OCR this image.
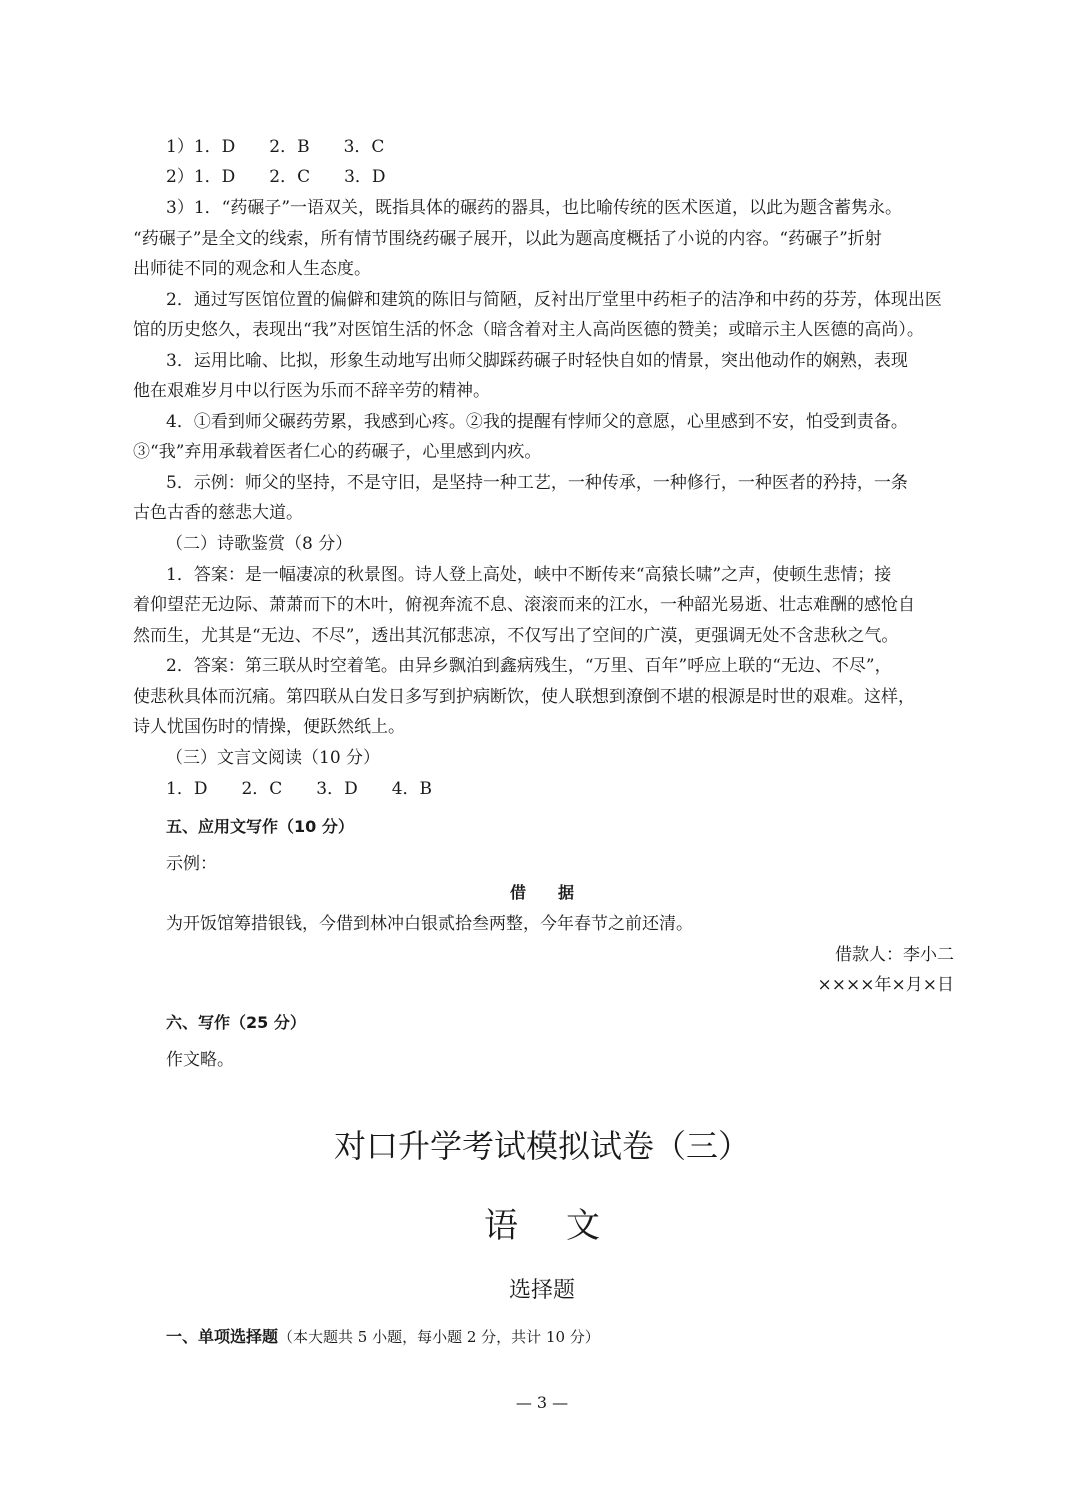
1）1．D　　2．B　　3．C
2）1．D　　2．C　　3．D
3）1．“药碾子”一语双关，既指具体的碾药的器具，也比喻传统的医术医道，以此为题含蓄隽永。
“药碾子”是全文的线索，所有情节围绕药碾子展开，以此为题高度概括了小说的内容。“药碾子”折射
出师徒不同的观念和人生态度。
2．通过写医馆位置的偏僻和建筑的陈旧与简陋，反衬出厅堂里中药柜子的洁净和中药的芬芳，体现出医
馆的历史悠久，表现出“我”对医馆生活的怀念（暗含着对主人高尚医德的赞美；或暗示主人医德的高尚）。
3．运用比喻、比拟，形象生动地写出师父脚踩药碾子时轻快自如的情景，突出他动作的娴熟，表现
他在艰难岁月中以行医为乐而不辞辛劳的精神。
4．①看到师父碾药劳累，我感到心疼。②我的提醒有悖师父的意愿，心里感到不安，怕受到责备。
③“我”弃用承载着医者仁心的药碾子，心里感到内疚。
5．示例：师父的坚持，不是守旧，是坚持一种工艺，一种传承，一种修行，一种医者的矜持，一条
古色古香的慈悲大道。
（二）诗歌鉴赏（8 分）
1．答案：是一幅凄凉的秋景图。诗人登上高处，峡中不断传来“高猿长啸”之声，使顿生悲情；接
着仰望茫无边际、萧萧而下的木叶，俯视奔流不息、滚滚而来的江水，一种韶光易逝、壮志难酬的感怆自
然而生，尤其是“无边、不尽”，透出其沉郁悲凉，不仅写出了空间的广漠，更强调无处不含悲秋之气。
2．答案：第三联从时空着笔。由异乡飘泊到鑫病残生，“万里、百年”呼应上联的“无边、不尽”，
使悲秋具体而沉痛。第四联从白发日多写到护病断饮，使人联想到潦倒不堪的根源是时世的艰难。这样，
诗人忧国伤时的情操，便跃然纸上。
（三）文言文阅读（10 分）
1．D　　2．C　　3．D　　4．B
五、应用文写作（10 分）
示例：
借　　据
为开饭馆筹措银钱，今借到林冲白银贰拾叁两整，今年春节之前还清。
借款人：李小二
××××年×月×日
六、写作（25 分）
作文略。
对口升学考试模拟试卷（三）
语文
选择题
一、单项选择题（本大题共 5 小题，每小题 2 分，共计 10 分）
— 3 —
